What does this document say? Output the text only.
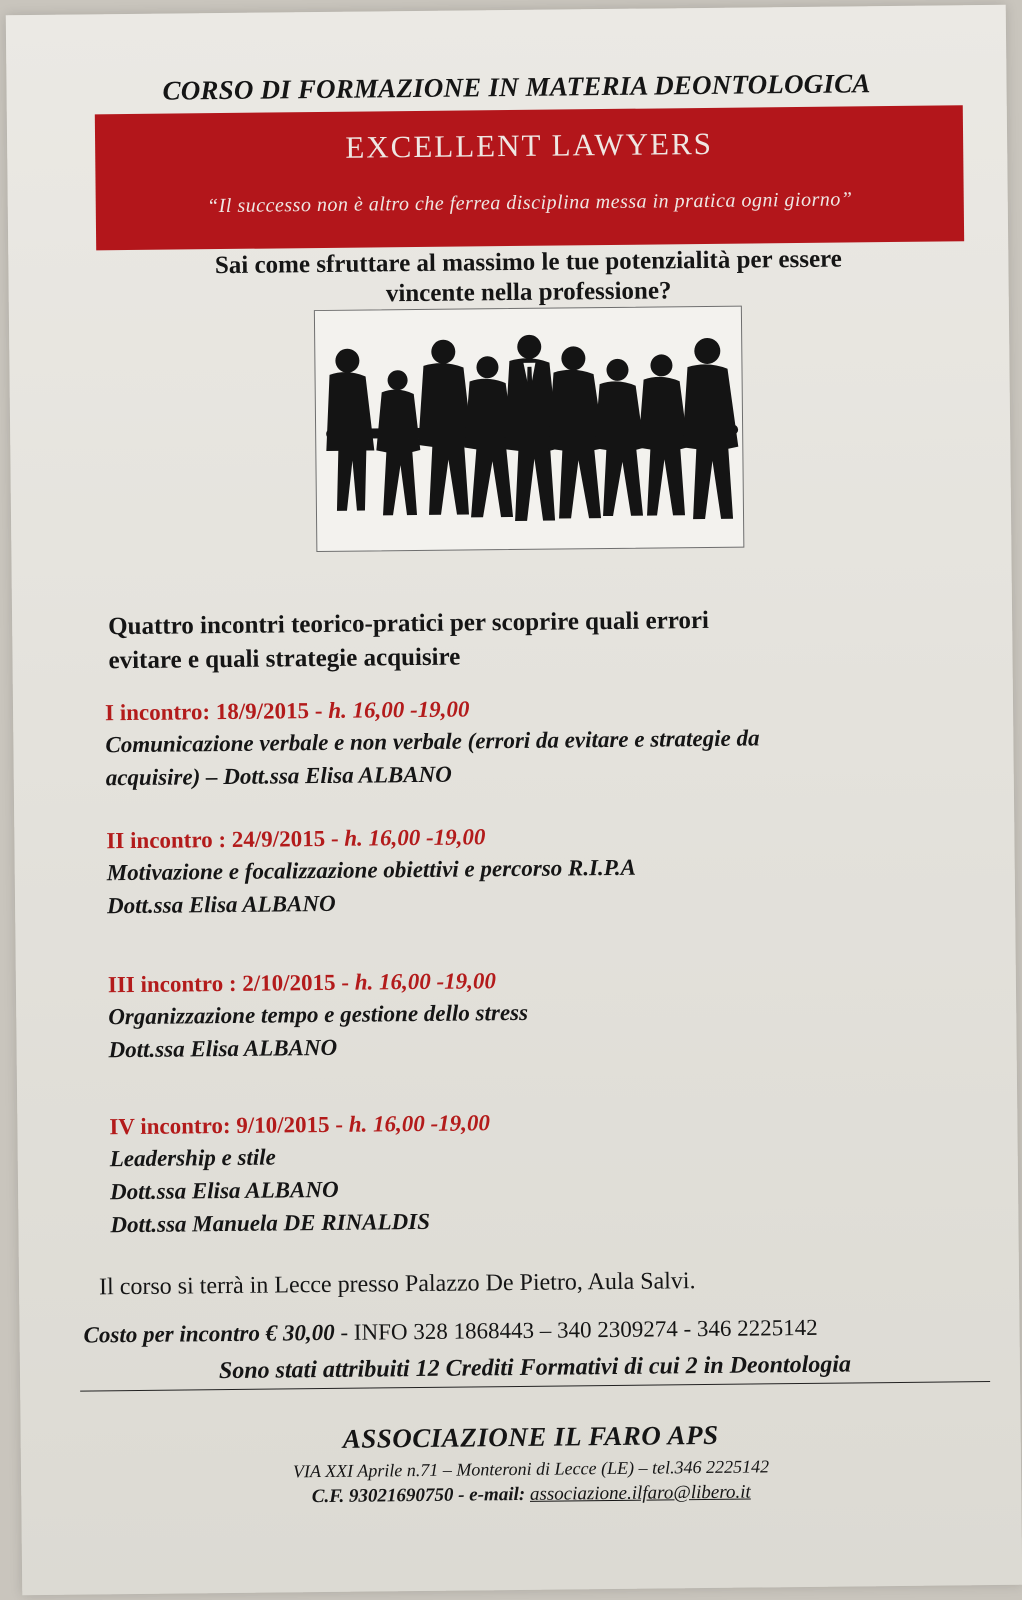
CORSO DI FORMAZIONE IN MATERIA DEONTOLOGICA
EXCELLENT LAWYERS
“Il successo non è altro che ferrea disciplina messa in pratica ogni giorno”
Sai come sfruttare al massimo le tue potenzialità per essere
vincente nella professione?
Quattro incontri teorico-pratici per scoprire quali errori
evitare e quali strategie acquisire
I incontro: 18/9/2015 - h. 16,00 -19,00
Comunicazione verbale e non verbale (errori da evitare e strategie da
acquisire) – Dott.ssa Elisa ALBANO
II incontro : 24/9/2015 - h. 16,00 -19,00
Motivazione e focalizzazione obiettivi e percorso R.I.P.A
Dott.ssa Elisa ALBANO
III incontro : 2/10/2015 - h. 16,00 -19,00
Organizzazione tempo e gestione dello stress
Dott.ssa Elisa ALBANO
IV incontro: 9/10/2015 - h. 16,00 -19,00
Leadership e stile
Dott.ssa Elisa ALBANO
Dott.ssa Manuela DE RINALDIS
Il corso si terrà in Lecce presso Palazzo De Pietro, Aula Salvi.
Costo per incontro € 30,00 - INFO 328 1868443 – 340 2309274 - 346 2225142
Sono stati attribuiti 12 Crediti Formativi di cui 2 in Deontologia
ASSOCIAZIONE IL FARO APS
VIA XXI Aprile n.71 – Monteroni di Lecce (LE) – tel.346 2225142
C.F. 93021690750 - e-mail: associazione.ilfaro@libero.it
